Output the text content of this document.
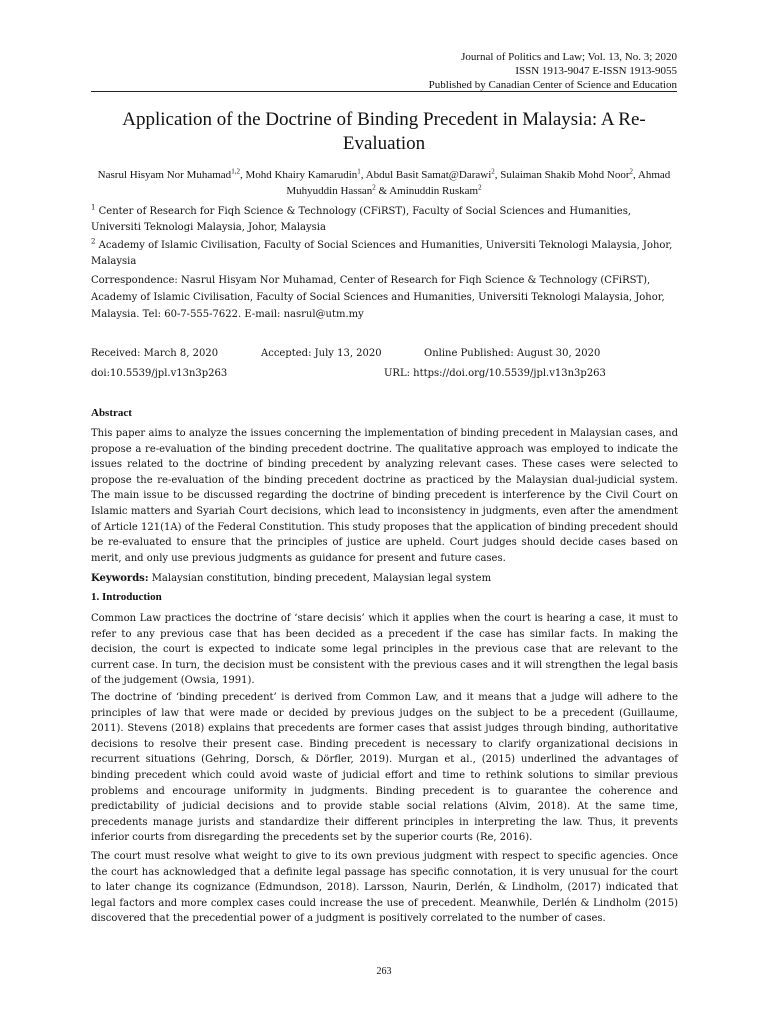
Journal of Politics and Law; Vol. 13, No. 3; 2020
ISSN 1913-9047 E-ISSN 1913-9055
Published by Canadian Center of Science and Education
Application of the Doctrine of Binding Precedent in Malaysia: A Re-Evaluation
Nasrul Hisyam Nor Muhamad$^{1,2}$, Mohd Khairy Kamarudin$^1$, Abdul Basit Samat@Darawi$^2$, Sulaiman Shakib Mohd Noor$^2$, Ahmad Muhyuddin Hassan$^2$ & Aminuddin Ruskam$^2$
$^1$ Center of Research for Fiqh Science & Technology (CFiRST), Faculty of Social Sciences and Humanities, Universiti Teknologi Malaysia, Johor, Malaysia
$^2$ Academy of Islamic Civilisation, Faculty of Social Sciences and Humanities, Universiti Teknologi Malaysia, Johor, Malaysia
Correspondence: Nasrul Hisyam Nor Muhamad, Center of Research for Fiqh Science & Technology (CFiRST), Academy of Islamic Civilisation, Faculty of Social Sciences and Humanities, Universiti Teknologi Malaysia, Johor, Malaysia. Tel: 60-7-555-7622. E-mail: nasrul@utm.my
Received: March 8, 2020	Accepted: July 13, 2020	Online Published: August 30, 2020
doi:10.5539/jpl.v13n3p263	URL: https://doi.org/10.5539/jpl.v13n3p263
Abstract
This paper aims to analyze the issues concerning the implementation of binding precedent in Malaysian cases, and propose a re-evaluation of the binding precedent doctrine. The qualitative approach was employed to indicate the issues related to the doctrine of binding precedent by analyzing relevant cases. These cases were selected to propose the re-evaluation of the binding precedent doctrine as practiced by the Malaysian dual-judicial system. The main issue to be discussed regarding the doctrine of binding precedent is interference by the Civil Court on Islamic matters and Syariah Court decisions, which lead to inconsistency in judgments, even after the amendment of Article 121(1A) of the Federal Constitution. This study proposes that the application of binding precedent should be re-evaluated to ensure that the principles of justice are upheld. Court judges should decide cases based on merit, and only use previous judgments as guidance for present and future cases.
Keywords: Malaysian constitution, binding precedent, Malaysian legal system
1. Introduction
Common Law practices the doctrine of ‘stare decisis’ which it applies when the court is hearing a case, it must to refer to any previous case that has been decided as a precedent if the case has similar facts. In making the decision, the court is expected to indicate some legal principles in the previous case that are relevant to the current case. In turn, the decision must be consistent with the previous cases and it will strengthen the legal basis of the judgement (Owsia, 1991).
The doctrine of ‘binding precedent’ is derived from Common Law, and it means that a judge will adhere to the principles of law that were made or decided by previous judges on the subject to be a precedent (Guillaume, 2011). Stevens (2018) explains that precedents are former cases that assist judges through binding, authoritative decisions to resolve their present case. Binding precedent is necessary to clarify organizational decisions in recurrent situations (Gehring, Dorsch, & Dörfler, 2019). Murgan et al., (2015) underlined the advantages of binding precedent which could avoid waste of judicial effort and time to rethink solutions to similar previous problems and encourage uniformity in judgments. Binding precedent is to guarantee the coherence and predictability of judicial decisions and to provide stable social relations (Alvim, 2018). At the same time, precedents manage jurists and standardize their different principles in interpreting the law. Thus, it prevents inferior courts from disregarding the precedents set by the superior courts (Re, 2016).
The court must resolve what weight to give to its own previous judgment with respect to specific agencies. Once the court has acknowledged that a definite legal passage has specific connotation, it is very unusual for the court to later change its cognizance (Edmundson, 2018). Larsson, Naurin, Derlén, & Lindholm, (2017) indicated that legal factors and more complex cases could increase the use of precedent. Meanwhile, Derlén & Lindholm (2015) discovered that the precedential power of a judgment is positively correlated to the number of cases.
263
